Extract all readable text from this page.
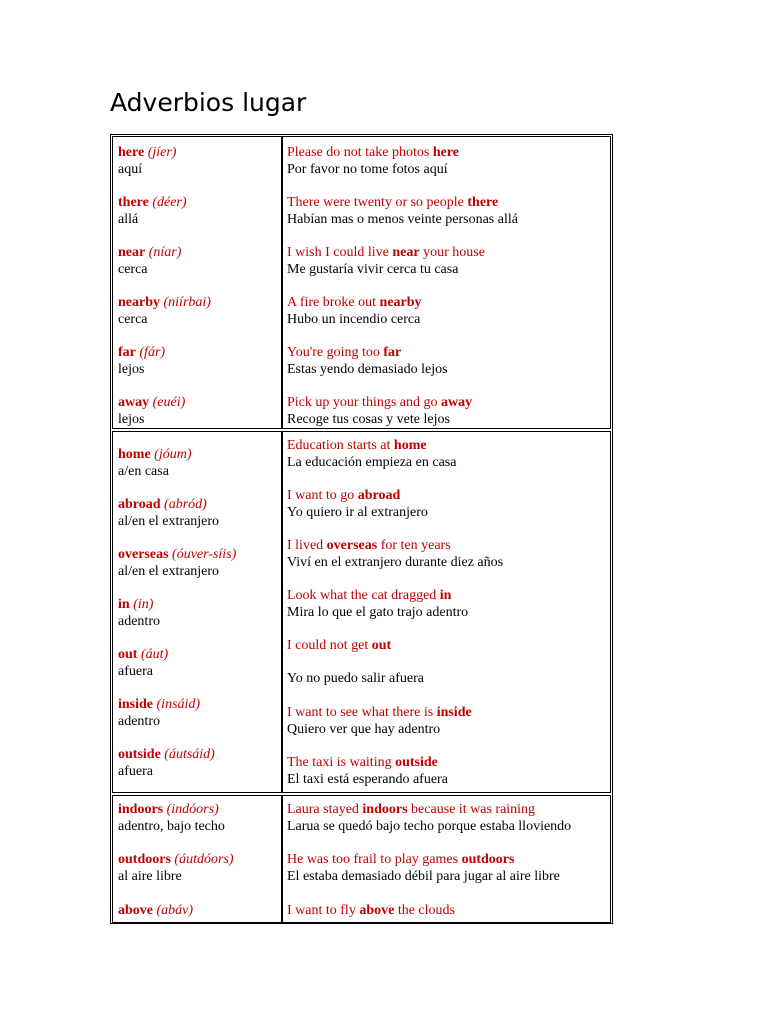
Adverbios lugar
here (jíer)
aquí
Please do not take photos here
Por favor no tome fotos aquí
there (déer)
allá
There were twenty or so people there
Habían mas o menos veinte personas allá
near (níar)
cerca
I wish I could live near your house
Me gustaría vivir cerca tu casa
nearby (niírbai)
cerca
A fire broke out nearby
Hubo un incendio cerca
far (fár)
lejos
You're going too far
Estas yendo demasiado lejos
away (euéi)
lejos
Pick up your things and go away
Recoge tus cosas y vete lejos
home (jóum)
a/en casa
Education starts at home
La educación empieza en casa
abroad (abród)
al/en el extranjero
I want to go abroad
Yo quiero ir al extranjero
overseas (óuver-síis)
al/en el extranjero
I lived overseas for ten years
Viví en el extranjero durante diez años
in (in)
adentro
Look what the cat dragged in
Mira lo que el gato trajo adentro
out (áut)
afuera
I could not get out
Yo no puedo salir afuera
inside (insáid)
adentro
I want to see what there is inside
Quiero ver que hay adentro
outside (áutsáid)
afuera
The taxi is waiting outside
El taxi está esperando afuera
indoors (indóors)
adentro, bajo techo
Laura stayed indoors because it was raining
Larua se quedó bajo techo porque estaba lloviendo
outdoors (áutdóors)
al aire libre
He was too frail to play games outdoors
El estaba demasiado débil para jugar al aire libre
above (abáv)	I want to fly above the clouds
